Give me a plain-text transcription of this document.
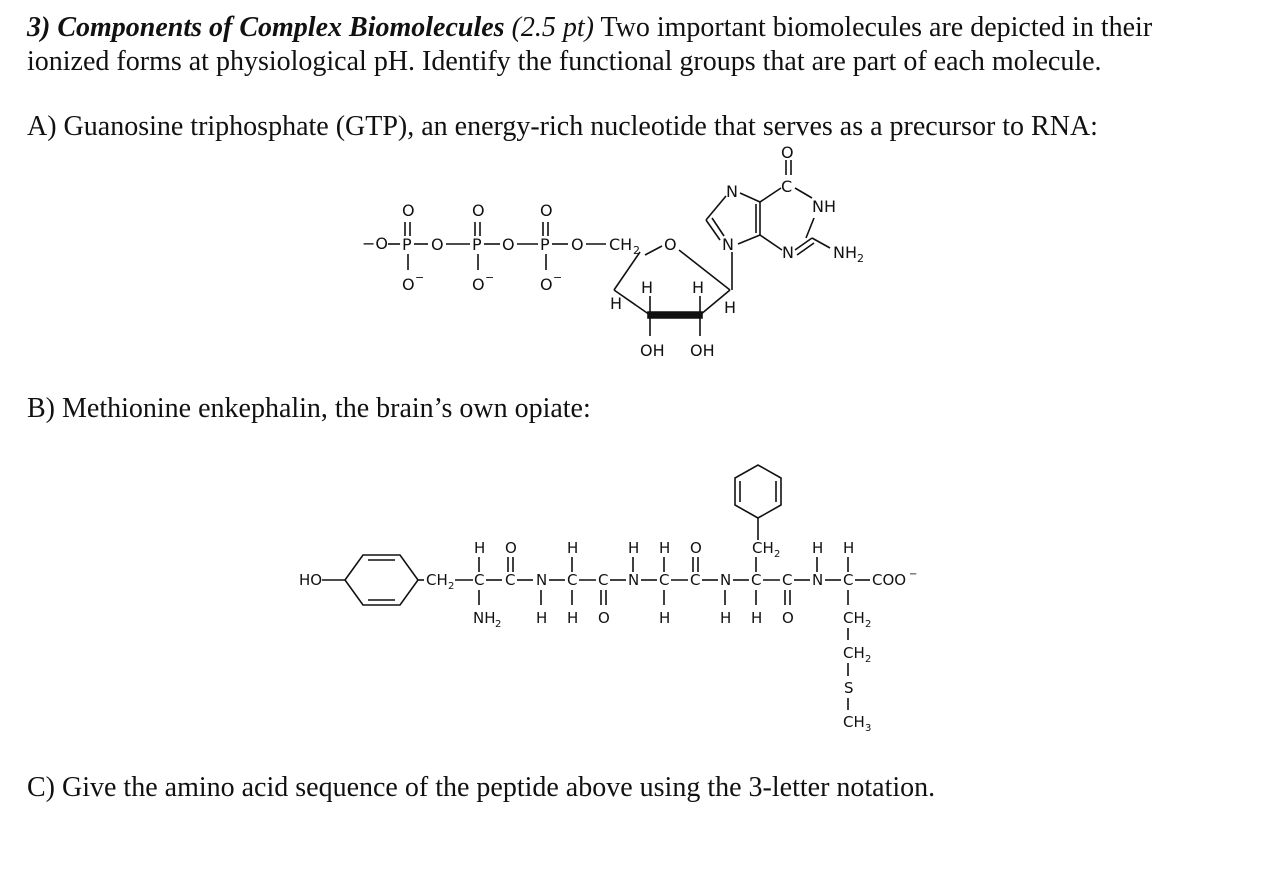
3) Components of Complex Biomolecules (2.5 pt) Two important biomolecules are depicted in their
ionized forms at physiological pH. Identify the functional groups that are part of each molecule.
A) Guanosine triphosphate (GTP), an energy-rich nucleotide that serves as a precursor to RNA:
B) Methionine enkephalin, the brain’s own opiate:
C) Give the amino acid sequence of the peptide above using the 3-letter notation.
−O P O P O P O CH 2
O
O −
O
O −
O
O −
O
H H
H	H
OH OH
N
N	C
O
NH
N NH 2
HO	CH 2 C C N C C N C C N C C N C COO −
H O	H	H H O	CH 2 H H
NH 2 H H O	H	H H O	CH 2
CH 2
S
CH 3
